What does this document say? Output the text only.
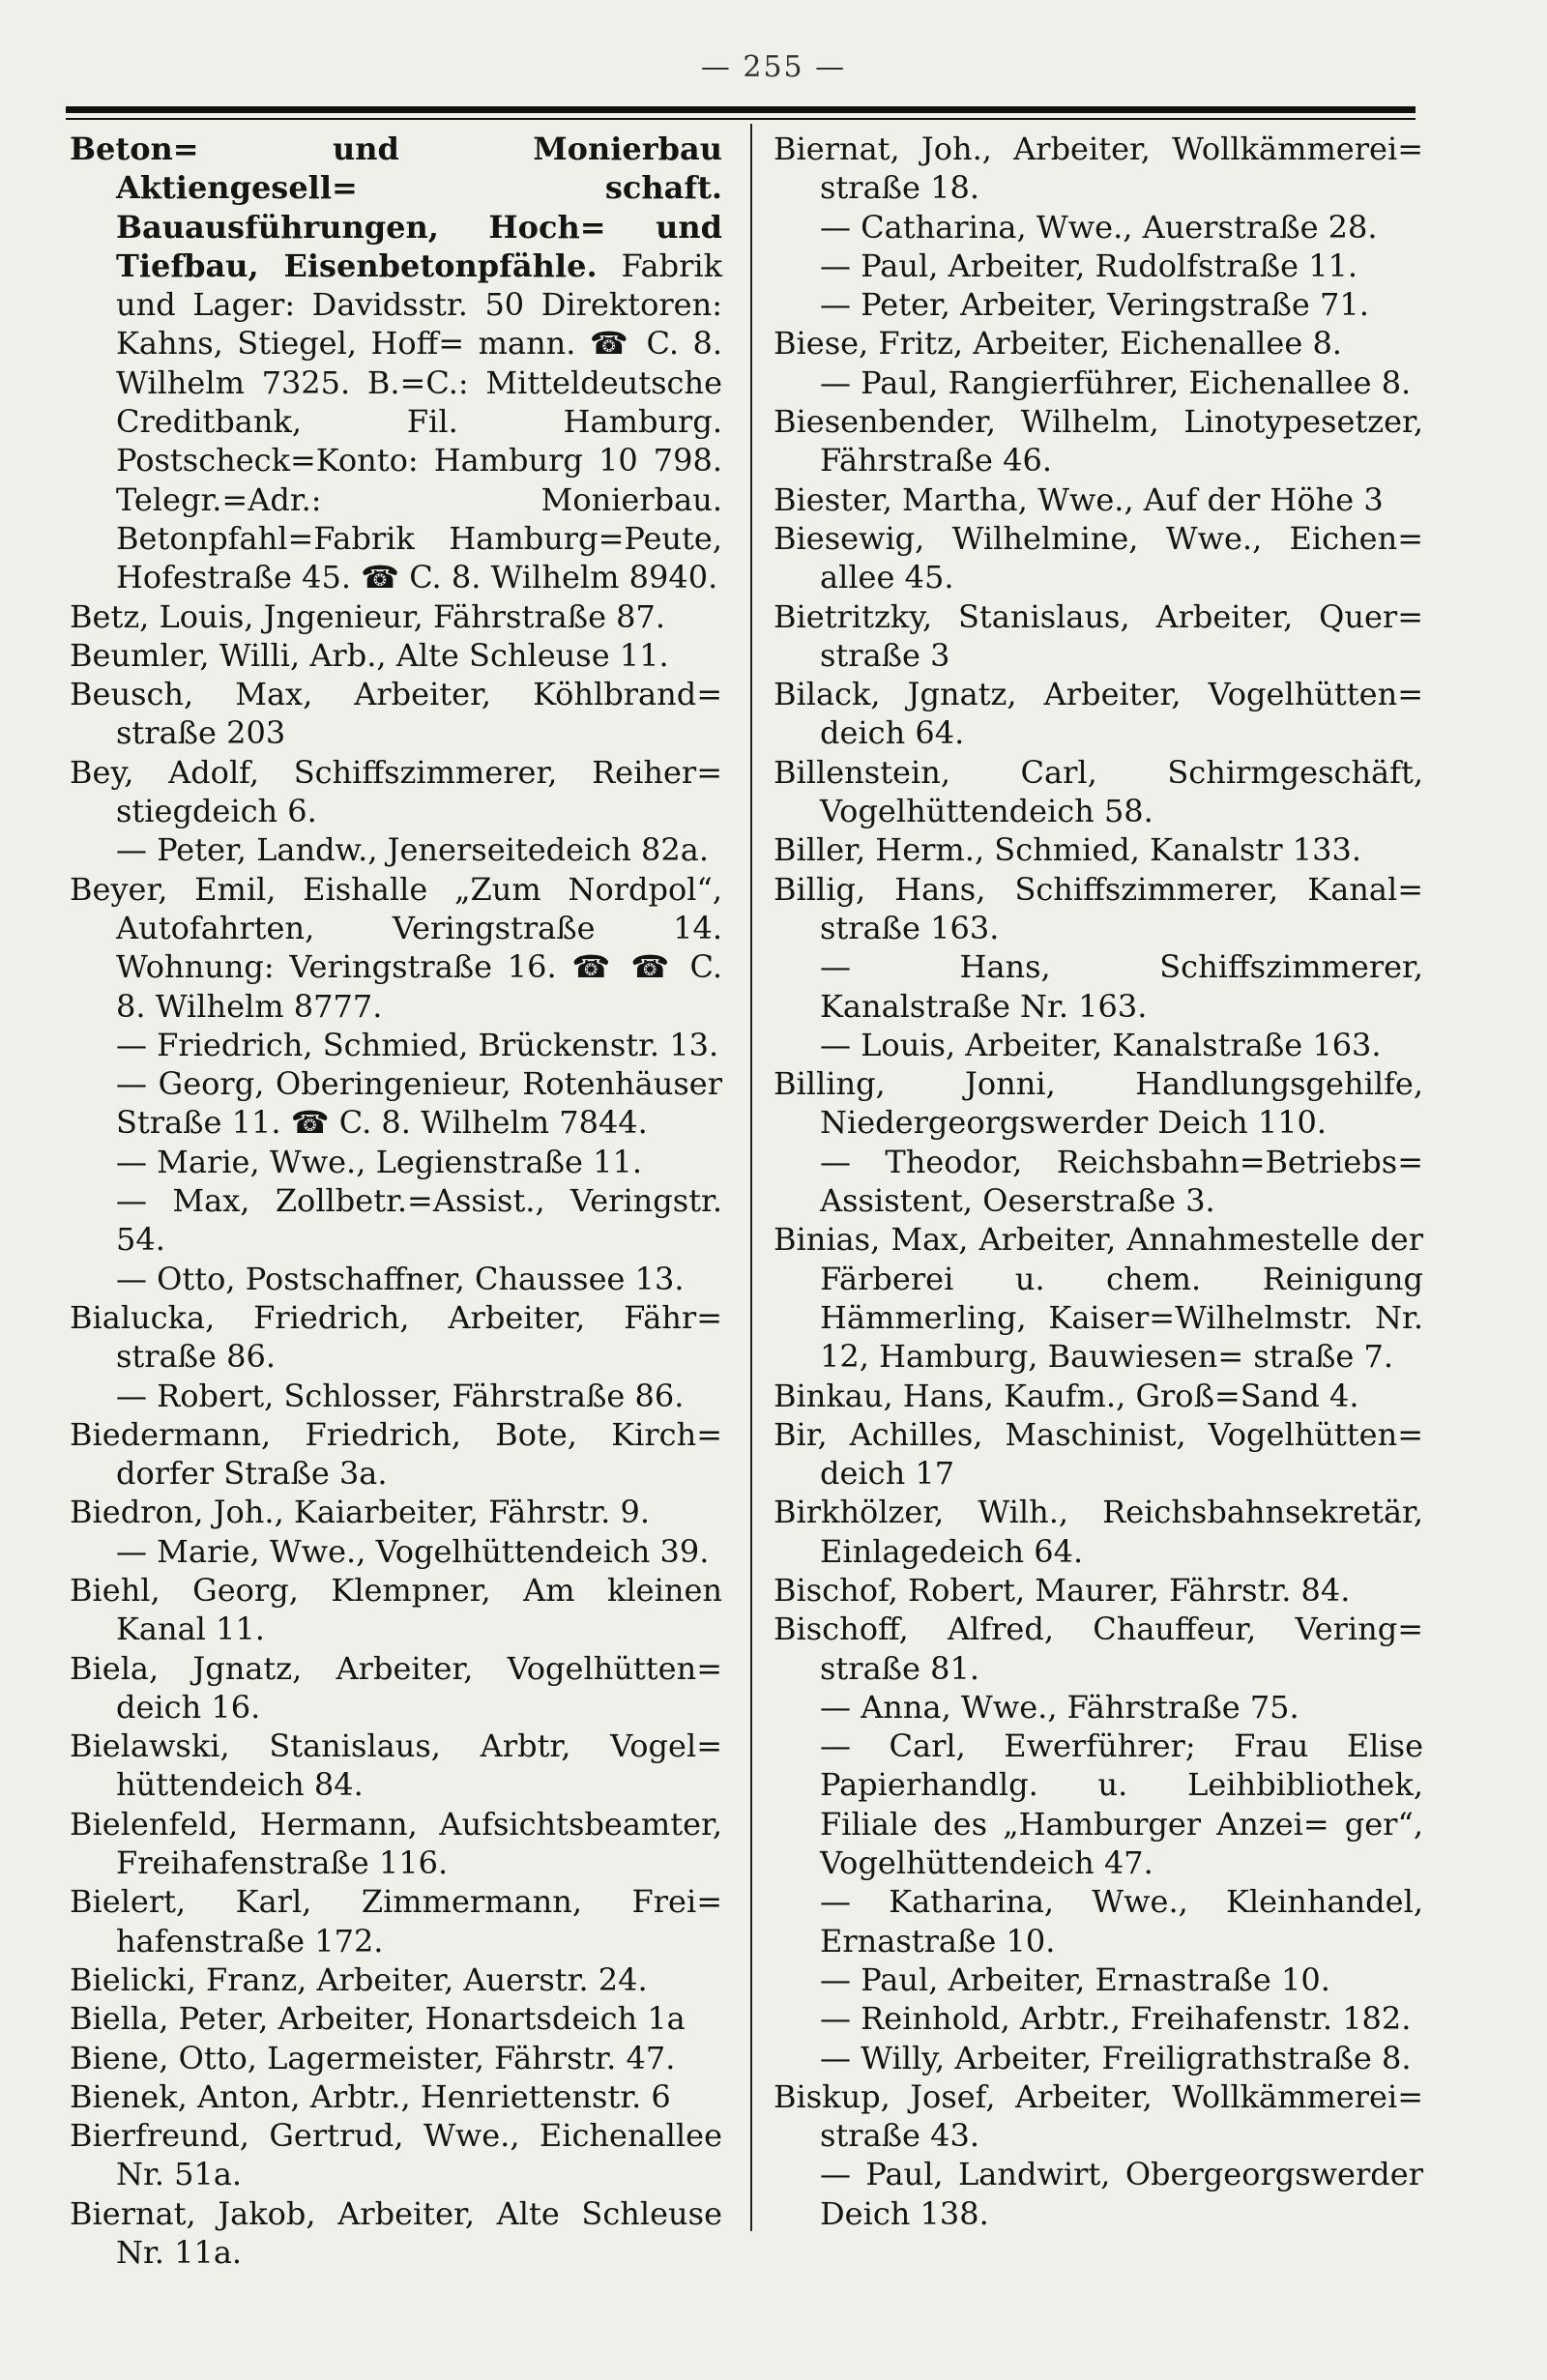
— 255 —

Beton= und Monierbau Aktiengesell= schaft. Bauausführungen, Hoch= und Tiefbau, Eisenbetonpfähle. Fabrik und Lager: Davidsstr. 50 Direktoren: Kahns, Stiegel, Hoff= mann. ☎ C. 8. Wilhelm 7325. B.=C.: Mitteldeutsche Creditbank, Fil. Hamburg. Postscheck=Konto: Hamburg 10 798. Telegr.=Adr.: Monierbau. Betonpfahl=Fabrik Hamburg=Peute, Hofestraße 45. ☎ C. 8. Wilhelm 8940.

Betz, Louis, Jngenieur, Fährstraße 87.

Beumler, Willi, Arb., Alte Schleuse 11.

Beusch, Max, Arbeiter, Köhlbrand= straße 203

Bey, Adolf, Schiffszimmerer, Reiher= stiegdeich 6.

— Peter, Landw., Jenerseitedeich 82a.

Beyer, Emil, Eishalle „Zum Nordpol“, Autofahrten, Veringstraße 14. Wohnung: Veringstraße 16. ☎ ☎ C. 8. Wilhelm 8777.

— Friedrich, Schmied, Brückenstr. 13.

— Georg, Oberingenieur, Rotenhäuser Straße 11. ☎ C. 8. Wilhelm 7844.

— Marie, Wwe., Legienstraße 11.

— Max, Zollbetr.=Assist., Veringstr. 54.

— Otto, Postschaffner, Chaussee 13.

Bialucka, Friedrich, Arbeiter, Fähr= straße 86.

— Robert, Schlosser, Fährstraße 86.

Biedermann, Friedrich, Bote, Kirch= dorfer Straße 3a.

Biedron, Joh., Kaiarbeiter, Fährstr. 9.

— Marie, Wwe., Vogelhüttendeich 39.

Biehl, Georg, Klempner, Am kleinen Kanal 11.

Biela, Jgnatz, Arbeiter, Vogelhütten= deich 16.

Bielawski, Stanislaus, Arbtr, Vogel= hüttendeich 84.

Bielenfeld, Hermann, Aufsichtsbeamter, Freihafenstraße 116.

Bielert, Karl, Zimmermann, Frei= hafenstraße 172.

Bielicki, Franz, Arbeiter, Auerstr. 24.

Biella, Peter, Arbeiter, Honartsdeich 1a

Biene, Otto, Lagermeister, Fährstr. 47.

Bienek, Anton, Arbtr., Henriettenstr. 6

Bierfreund, Gertrud, Wwe., Eichenallee Nr. 51a.

Biernat, Jakob, Arbeiter, Alte Schleuse Nr. 11a.

Biernat, Joh., Arbeiter, Wollkämmerei= straße 18.

— Catharina, Wwe., Auerstraße 28.

— Paul, Arbeiter, Rudolfstraße 11.

— Peter, Arbeiter, Veringstraße 71.

Biese, Fritz, Arbeiter, Eichenallee 8.

— Paul, Rangierführer, Eichenallee 8.

Biesenbender, Wilhelm, Linotypesetzer, Fährstraße 46.

Biester, Martha, Wwe., Auf der Höhe 3

Biesewig, Wilhelmine, Wwe., Eichen= allee 45.

Bietritzky, Stanislaus, Arbeiter, Quer= straße 3

Bilack, Jgnatz, Arbeiter, Vogelhütten= deich 64.

Billenstein, Carl, Schirmgeschäft, Vogelhüttendeich 58.

Biller, Herm., Schmied, Kanalstr 133.

Billig, Hans, Schiffszimmerer, Kanal= straße 163.

— Hans, Schiffszimmerer, Kanalstraße Nr. 163.

— Louis, Arbeiter, Kanalstraße 163.

Billing, Jonni, Handlungsgehilfe, Niedergeorgswerder Deich 110.

— Theodor, Reichsbahn=Betriebs= Assistent, Oeserstraße 3.

Binias, Max, Arbeiter, Annahmestelle der Färberei u. chem. Reinigung Hämmerling, Kaiser=Wilhelmstr. Nr. 12, Hamburg, Bauwiesen= straße 7.

Binkau, Hans, Kaufm., Groß=Sand 4.

Bir, Achilles, Maschinist, Vogelhütten= deich 17

Birkhölzer, Wilh., Reichsbahnsekretär, Einlagedeich 64.

Bischof, Robert, Maurer, Fährstr. 84.

Bischoff, Alfred, Chauffeur, Vering= straße 81.

— Anna, Wwe., Fährstraße 75.

— Carl, Ewerführer; Frau Elise Papierhandlg. u. Leihbibliothek, Filiale des „Hamburger Anzei= ger“, Vogelhüttendeich 47.

— Katharina, Wwe., Kleinhandel, Ernastraße 10.

— Paul, Arbeiter, Ernastraße 10.

— Reinhold, Arbtr., Freihafenstr. 182.

— Willy, Arbeiter, Freiligrathstraße 8.

Biskup, Josef, Arbeiter, Wollkämmerei= straße 43.

— Paul, Landwirt, Obergeorgswerder Deich 138.
